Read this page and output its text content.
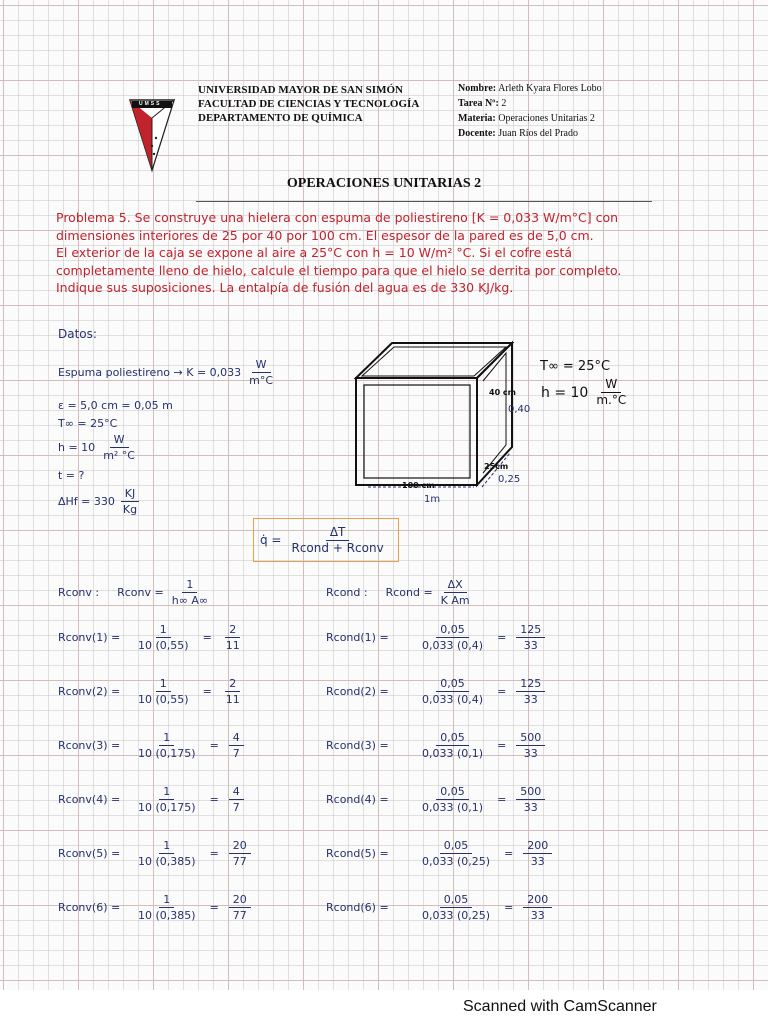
UMSS
UNIVERSIDAD MAYOR DE SAN SIMÓN
FACULTAD DE CIENCIAS Y TECNOLOGÍA
DEPARTAMENTO DE QUÍMICA
Nombre: Arleth Kyara Flores Lobo
Tarea Nº: 2
Materia: Operaciones Unitarias 2
Docente: Juan Ríos del Prado
OPERACIONES UNITARIAS 2
Problema 5. Se construye una hielera con espuma de poliestireno [K = 0,033 W/m°C] con
dimensiones interiores de 25 por 40 por 100 cm. El espesor de la pared es de 5,0 cm.
El exterior de la caja se expone al aire a 25°C con h = 10 W/m² °C. Si el cofre está
completamente lleno de hielo, calcule el tiempo para que el hielo se derrita por completo.
Indique sus suposiciones. La entalpía de fusión del agua es de 330 KJ/kg.
Datos:
Espuma poliestireno → $K = 0,033 \frac{W}{m^\circ C}$
ε = 5,0 cm = 0,05 m
T∞ = 25°C
$h = 10 \frac{W}{\text{m² °C}}$
t = ?
$\Delta Hf = 330 \frac{KJ}{Kg}$
40 cm
0,40
100 cm
1m
25cm
0,25
T∞ = 25°C
$h = 10 \frac{W}{m.^\circ C}$
q̇ = $\frac{\Delta T}{\text{Rcond + Rconv}}$
Rconv : Rconv = $\frac{1}{h\infty A\infty}$
Rconv(1) =	$\frac{1}{10 (0,55)} = \frac{2}{11}$
Rconv(2) =	$\frac{1}{10 (0,55)} = \frac{2}{11}$
Rconv(3) =	$\frac{1}{10 (0,175)} = \frac{4}{7}$
Rconv(4) =	$\frac{1}{10 (0,175)} = \frac{4}{7}$
Rconv(5) =	$\frac{1}{10 (0,385)} = \frac{20}{77}$
Rconv(6) =	$\frac{1}{10 (0,385)} = \frac{20}{77}$
Rcond : Rcond = $\frac{\Delta X}{\text{K Am}}$
Rcond(1) =	$\frac{0,05}{0,033 (0,4)} = \frac{125}{33}$
Rcond(2) =	$\frac{0,05}{0,033 (0,4)} = \frac{125}{33}$
Rcond(3) =	$\frac{0,05}{0,033 (0,1)} = \frac{500}{33}$
Rcond(4) =	$\frac{0,05}{0,033 (0,1)} = \frac{500}{33}$
Rcond(5) =	$\frac{0,05}{0,033 (0,25)} = \frac{200}{33}$
Rcond(6) =	$\frac{0,05}{0,033 (0,25)} = \frac{200}{33}$
Scanned with CamScanner
